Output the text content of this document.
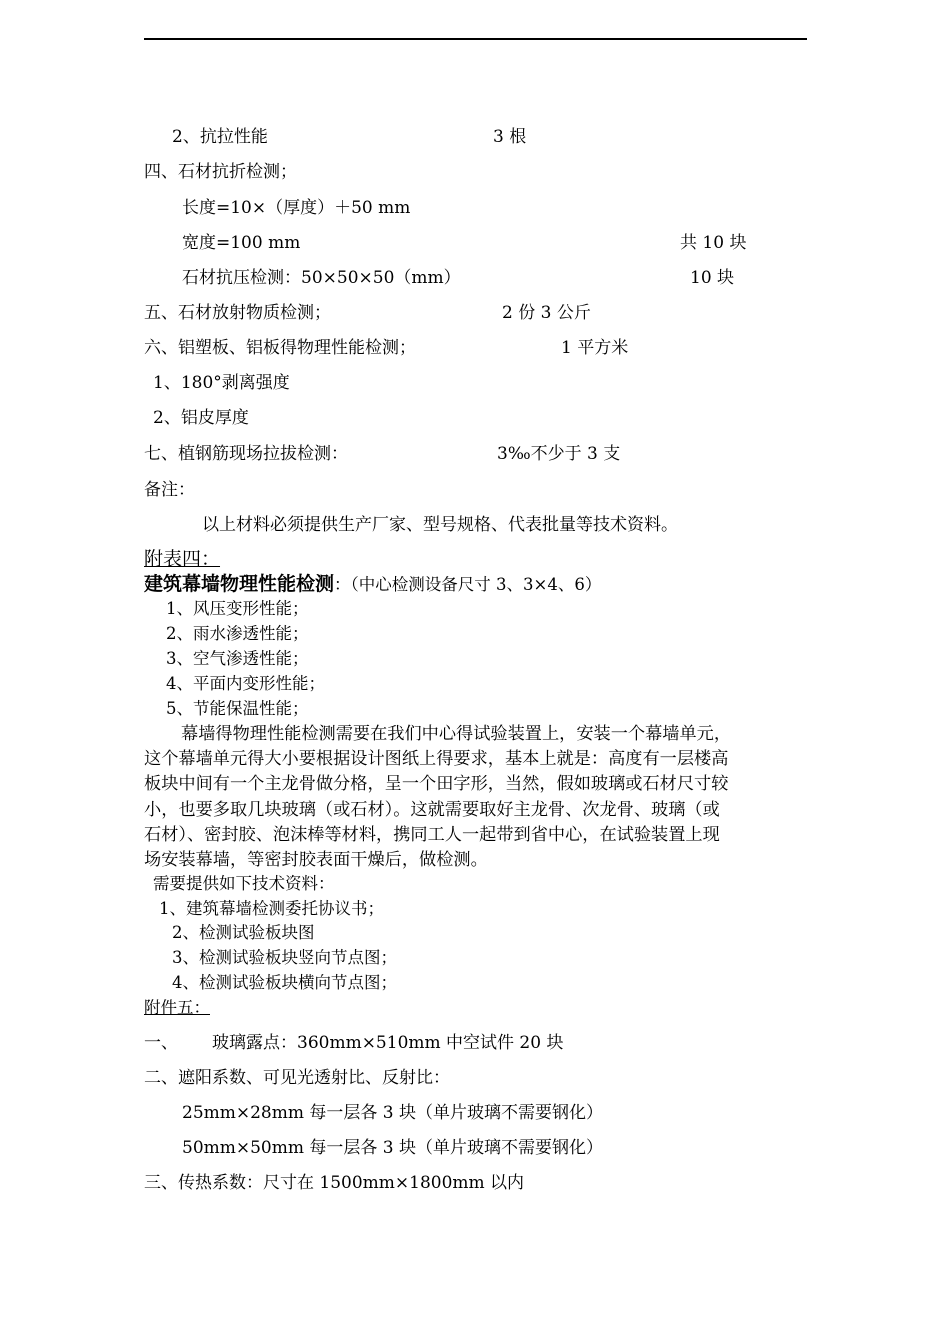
2、抗拉性能	3 根
四、石材抗折检测；
长度=10×（厚度）＋50 mm
宽度=100 mm	共 10 块
石材抗压检测：50×50×50（mm）	10 块
五、石材放射物质检测；	2 份 3 公斤
六、铝塑板、铝板得物理性能检测；	1 平方米
1、180°剥离强度
2、铝皮厚度
七、植钢筋现场拉拔检测：	3‰不少于 3 支
备注：
以上材料必须提供生产厂家、型号规格、代表批量等技术资料。
附表四：
建筑幕墙物理性能检测：（中心检测设备尺寸 3、3×4、6）
1、风压变形性能；
2、雨水渗透性能；
3、空气渗透性能；
4、平面内变形性能；
5、节能保温性能；
幕墙得物理性能检测需要在我们中心得试验装置上，安装一个幕墙单元，
这个幕墙单元得大小要根据设计图纸上得要求，基本上就是：高度有一层楼高
板块中间有一个主龙骨做分格，呈一个田字形，当然，假如玻璃或石材尺寸较
小，也要多取几块玻璃（或石材）。这就需要取好主龙骨、次龙骨、玻璃（或
石材）、密封胶、泡沫棒等材料，携同工人一起带到省中心，在试验装置上现
场安装幕墙，等密封胶表面干燥后，做检测。
需要提供如下技术资料：
1、建筑幕墙检测委托协议书；
2、检测试验板块图
3、检测试验板块竖向节点图；
4、检测试验板块横向节点图；
附件五：
一、 玻璃露点：360mm×510mm 中空试件 20 块
二、遮阳系数、可见光透射比、反射比：
25mm×28mm 每一层各 3 块（单片玻璃不需要钢化）
50mm×50mm 每一层各 3 块（单片玻璃不需要钢化）
三、传热系数：尺寸在 1500mm×1800mm 以内
